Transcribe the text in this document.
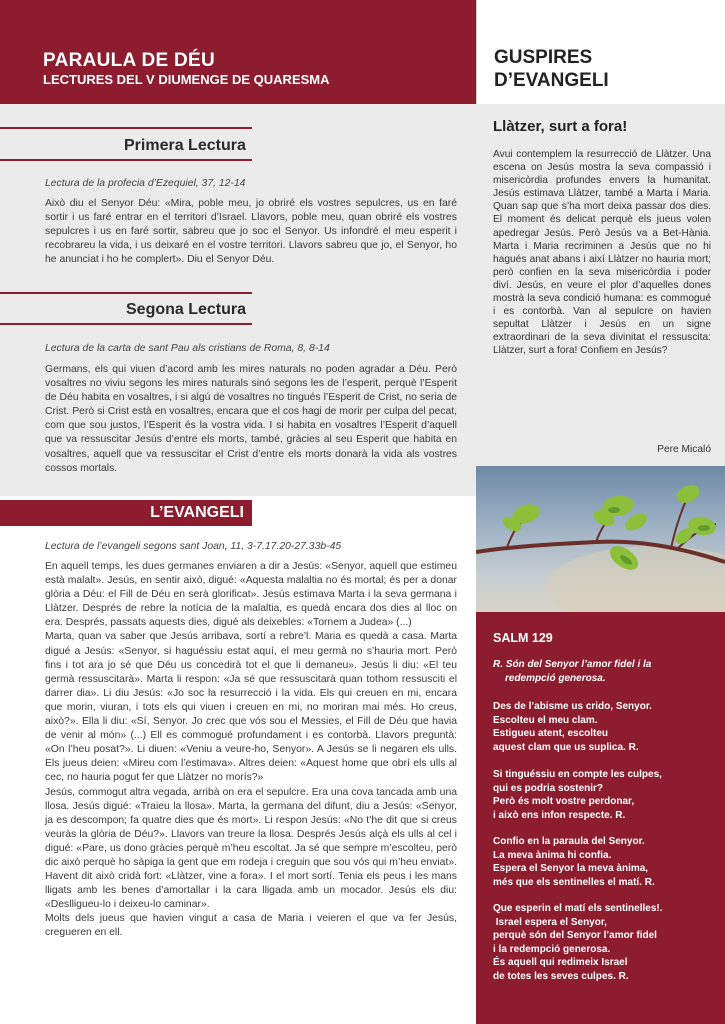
PARAULA DE DÉU
LECTURES DEL V DIUMENGE DE QUARESMA
Primera Lectura
Lectura de la profecia d’Ezequiel, 37, 12-14
Això diu el Senyor Déu: «Mira, poble meu, jo obriré els vostres sepulcres, us en faré sortir i us faré entrar en el territori d’Israel. Llavors, poble meu, quan obriré els vostres sepulcres i us en faré sortir, sabreu que jo soc el Senyor. Us infondré el meu esperit i recobrareu la vida, i us deixaré en el vostre territori. Llavors sabreu que jo, el Senyor, ho he anunciat i ho he complert». Diu el Senyor Déu.
Segona Lectura
Lectura de la carta de sant Pau als cristians de Roma, 8, 8-14
Germans, els qui viuen d’acord amb les mires naturals no poden agradar a Déu. Però vosaltres no viviu segons les mires naturals sinó segons les de l’esperit, perquè l’Esperit de Déu habita en vosaltres, i si algú de vosaltres no tingués l’Esperit de Crist, no seria de Crist. Però si Crist està en vosaltres, encara que el cos hagi de morir per culpa del pecat, com que sou justos, l’Esperit és la vostra vida. I si habita en vosaltres l’Esperit d’aquell que va ressuscitar Jesús d’entre els morts, també, gràcies al seu Esperit que habita en vosaltres, aquell que va ressuscitar el Crist d’entre els morts donarà la vida als vostres cossos mortals.
L’EVANGELI
Lectura de l’evangeli segons sant Joan, 11, 3-7.17.20-27.33b-45
En aquell temps, les dues germanes enviaren a dir a Jesús: «Senyor, aquell que estimeu està malalt». Jesús, en sentir això, digué: «Aquesta malaltia no és mortal; és per a donar glòria a Déu: el Fill de Déu en serà glorificat». Jesús estimava Marta i la seva germana i Llàtzer. Després de rebre la notícia de la malaltia, es quedà encara dos dies al lloc on era. Després, passats aquests dies, digué als deixebles: «Tornem a Judea» (...)
Marta, quan va saber que Jesús arribava, sortí a rebre’l. Maria es quedà a casa. Marta digué a Jesús: «Senyor, si haguéssiu estat aquí, el meu germà no s’hauria mort. Però fins i tot ara jo sé que Déu us concedirà tot el que li demaneu». Jesús li diu: «El teu germà ressuscitarà». Marta li respon: «Ja sé que ressuscitarà quan tothom ressusciti el darrer dia». Li diu Jesús: «Jo soc la resurrecció i la vida. Els qui creuen en mi, encara que morin, viuran, i tots els qui viuen i creuen en mi, no moriran mai més. Ho creus, això?». Ella li diu: «Sí, Senyor. Jo crec que vós sou el Messies, el Fill de Déu que havia de venir al món» (...) Ell es commogué profundament i es contorbà. Llavors preguntà: «On l’heu posat?». Li diuen: «Veniu a veure-ho, Senyor». A Jesús se li negaren els ulls. Els jueus deien: «Mireu com l’estimava». Altres deien: «Aquest home que obrí els ulls al cec, no hauria pogut fer que Llàtzer no morís?»
Jesús, commogut altra vegada, arribà on era el sepulcre. Era una cova tancada amb una llosa. Jesús digué: «Traieu la llosa». Marta, la germana del difunt, diu a Jesús: «Senyor, ja es descompon; fa quatre dies que és mort». Li respon Jesús: «No t’he dit que si creus veuràs la glòria de Déu?». Llavors van treure la llosa. Després Jesús alçà els ulls al cel i digué: «Pare, us dono gràcies perquè m’heu escoltat. Ja sé que sempre m’escolteu, però dic això perquè ho sàpiga la gent que em rodeja i creguin que sou vós qui m’heu enviat». Havent dit això cridà fort: «Llàtzer, vine a fora». I el mort sortí. Tenia els peus i les mans lligats amb les benes d’amortallar i la cara lligada amb un mocador. Jesús els diu: «Deslligueu-lo i deixeu-lo caminar».
Molts dels jueus que havien vingut a casa de Maria i veieren el que va fer Jesús, cregueren en ell.
GUSPIRES
D’EVANGELI
Llàtzer, surt a fora!
Avui contemplem la resurrecció de Llàtzer. Una escena on Jesús mostra la seva compassió i misericòrdia profundes envers la humanitat. Jesús estimava Llàtzer, també a Marta i Maria. Quan sap que s’ha mort deixa passar dos dies. El moment és delicat perquè els jueus volen apedregar Jesús. Però Jesús va a Bet-Hània. Marta i Maria recriminen a Jesús que no hi hagués anat abans i així Llàtzer no hauria mort; però confien en la seva misericòrdia i poder diví. Jesús, en veure el plor d’aquelles dones mostrà la seva condició humana: es commogué i es contorbà. Van al sepulcre on havien sepultat Llàtzer i Jesús en un signe extraordinari de la seva divinitat el ressuscita: Llàtzer, surt a fora! Confiem en Jesús?
Pere Micaló
SALM 129
R. Són del Senyor l’amor fidel i la
redempció generosa.
Des de l’abisme us crido, Senyor.
Escolteu el meu clam.
Estigueu atent, escolteu
aquest clam que us suplica. R.
Si tinguéssiu en compte les culpes,
qui es podria sostenir?
Però és molt vostre perdonar,
i això ens infon respecte. R.
Confio en la paraula del Senyor.
La meva ànima hi confia.
Espera el Senyor la meva ànima,
més que els sentinelles el matí. R.
Que esperin el matí els sentinelles!.
Israel espera el Senyor,
perquè són del Senyor l’amor fidel
i la redempció generosa.
És aquell qui redimeix Israel
de totes les seves culpes. R.
